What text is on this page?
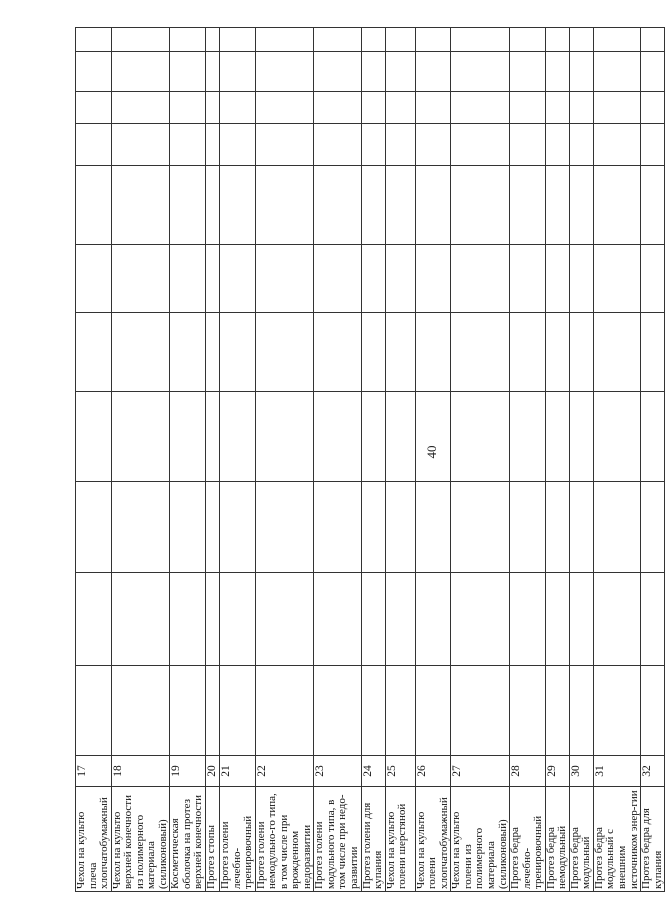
40
Чехол на культю плеча хлопчатобумажный	17											
Чехол на культю верхней конечности из полимерного материала (силиконовый)	18											
Косметическая оболочка на протез верхней конечности	19											
Протез стопы	20											
Протез голени лечебно-тренировочный	21											
Протез голени немодульно-го типа, в том числе при врожденном недоразвитии	22											
Протез голени модульного типа, в том числе при недо-развитии	23											
Протез голени для купания	24											
Чехол на культю голени шерстяной	25											
Чехол на культю голени хлопчатобумажный	26											
Чехол на культю голени из полимерного материала (силиконовый)	27											
Протез бедра лечебно-тренировочный	28											
Протез бедра немодульный	29											
Протез бедра модульный	30											
Протез бедра модульный с внешним источником энер-гии	31											
Протез бедра для купания	32											
